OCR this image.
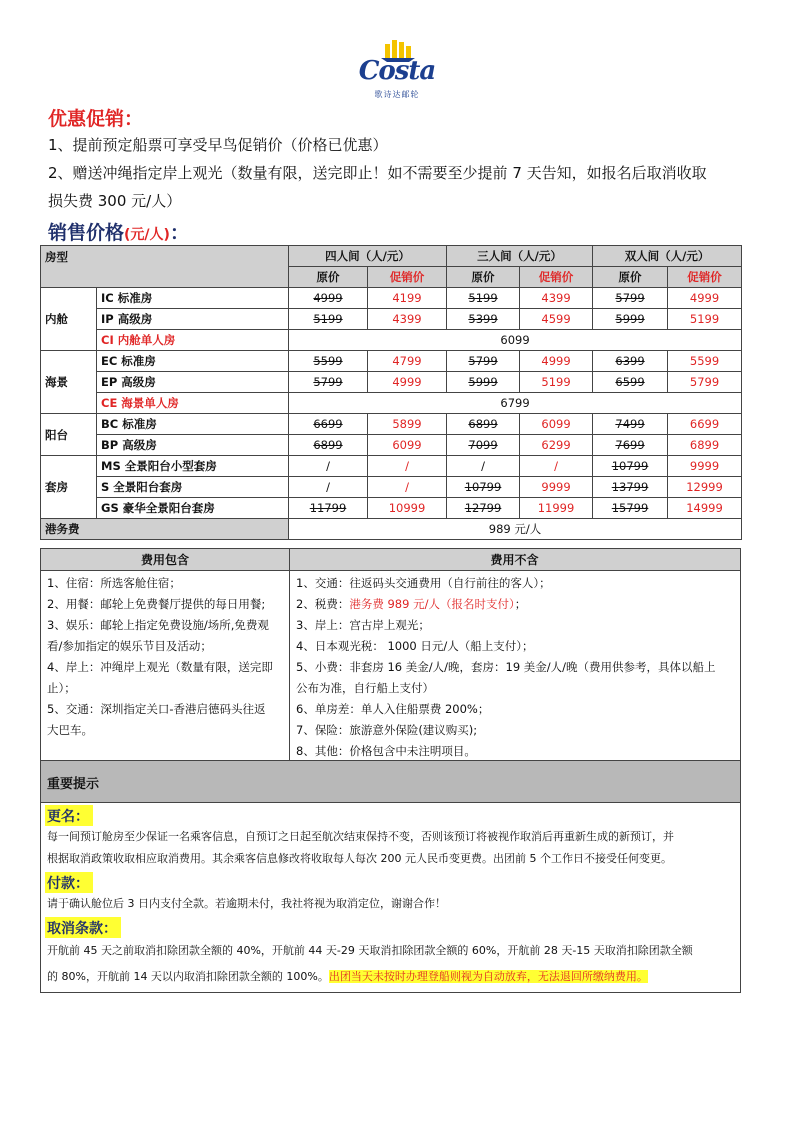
Costa
歌诗达邮轮
优惠促销：
1、提前预定船票可享受早鸟促销价（价格已优惠）
2、赠送冲绳指定岸上观光（数量有限，送完即止！如不需要至少提前 7 天告知，如报名后取消收取
损失费 300 元/人）
销售价格(元/人)：
房型		四人间（人/元）		三人间（人/元）		双人间（人/元）	
		原价	促销价	原价	促销价	原价	促销价
内舱	IC 标准房	4999	4199	5199	4399	5799	4999
	IP 高级房	5199	4399	5399	4599	5999	5199
	CI 内舱单人房	6099					
海景	EC 标准房	5599	4799	5799	4999	6399	5599
	EP 高级房	5799	4999	5999	5199	6599	5799
	CE 海景单人房	6799					
阳台	BC 标准房	6699	5899	6899	6099	7499	6699
	BP 高级房	6899	6099	7099	6299	7699	6899
套房	MS 全景阳台小型套房	/	/	/	/	10799	9999
	S 全景阳台套房	/	/	10799	9999	13799	12999
	GS 豪华全景阳台套房	11799	10999	12799	11999	15799	14999
港务费		989 元/人					
费用包含	费用不含
1、住宿：所选客舱住宿；
2、用餐：邮轮上免费餐厅提供的每日用餐;
3、娱乐：邮轮上指定免费设施/场所,免费观
看/参加指定的娱乐节目及活动；
4、岸上：冲绳岸上观光（数量有限，送完即
止）；
5、交通：深圳指定关口-香港启德码头往返
大巴车。
1、交通：往返码头交通费用（自行前往的客人）；
2、税费：港务费 989 元/人（报名时支付）；
3、岸上：宫古岸上观光；
4、日本观光税： 1000 日元/人（船上支付）；
5、小费：非套房 16 美金/人/晚，套房：19 美金/人/晚（费用供参考，具体以船上
公布为准，自行船上支付）
6、单房差：单人入住船票费 200%；
7、保险：旅游意外保险(建议购买);
8、其他：价格包含中未注明项目。
重要提示
更名：
每一间预订舱房至少保证一名乘客信息，自预订之日起至航次结束保持不变，否则该预订将被视作取消后再重新生成的新预订，并
根据取消政策收取相应取消费用。其余乘客信息修改将收取每人每次 200 元人民币变更费。出团前 5 个工作日不接受任何变更。
付款：
请于确认舱位后 3 日内支付全款。若逾期未付，我社将视为取消定位，谢谢合作！
取消条款：
开航前 45 天之前取消扣除团款全额的 40%，开航前 44 天-29 天取消扣除团款全额的 60%，开航前 28 天-15 天取消扣除团款全额
的 80%，开航前 14 天以内取消扣除团款全额的 100%。出团当天未按时办理登船则视为自动放弃，无法退回所缴纳费用。
